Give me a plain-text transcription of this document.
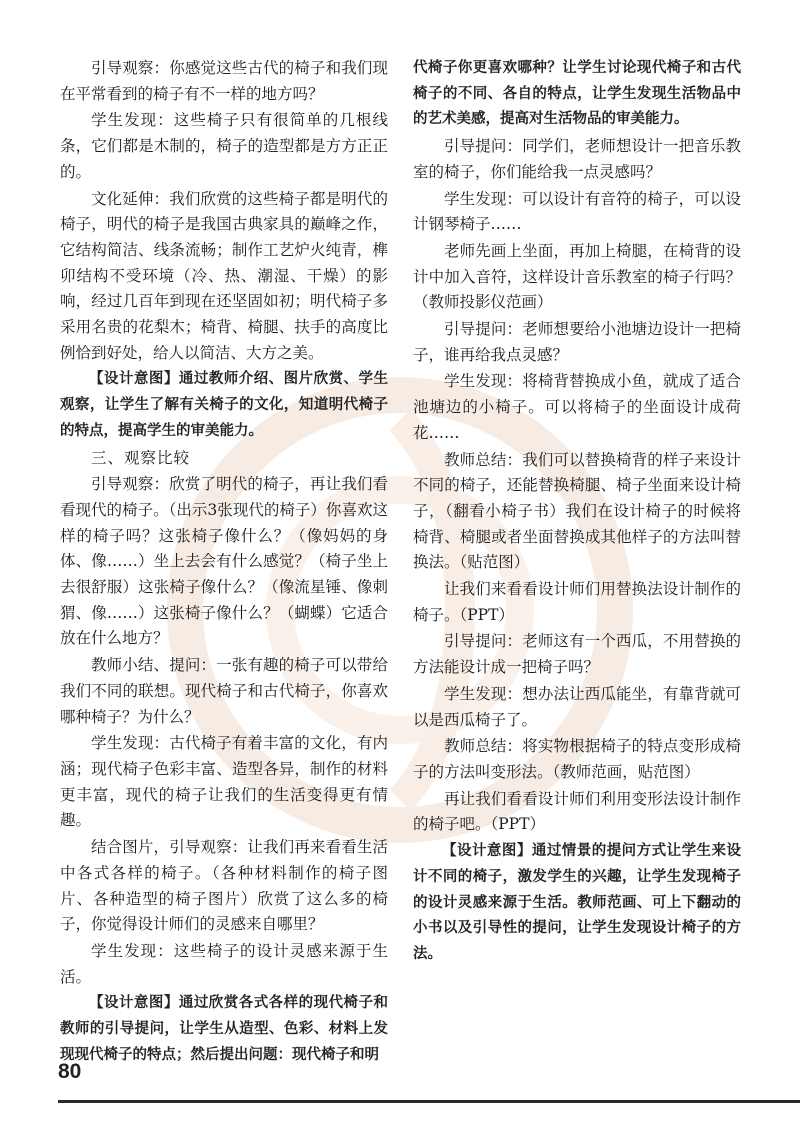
引导观察：你感觉这些古代的椅子和我们现在平常看到的椅子有不一样的地方吗？

学生发现：这些椅子只有很简单的几根线条，它们都是木制的，椅子的造型都是方方正正的。

文化延伸：我们欣赏的这些椅子都是明代的椅子，明代的椅子是我国古典家具的巅峰之作，它结构简洁、线条流畅；制作工艺炉火纯青，榫卯结构不受环境（冷、热、潮湿、干燥）的影响，经过几百年到现在还坚固如初；明代椅子多采用名贵的花梨木；椅背、椅腿、扶手的高度比例恰到好处，给人以简洁、大方之美。

【设计意图】通过教师介绍、图片欣赏、学生观察，让学生了解有关椅子的文化，知道明代椅子的特点，提高学生的审美能力。

三、观察比较

引导观察：欣赏了明代的椅子，再让我们看看现代的椅子。（出示3张现代的椅子）你喜欢这样的椅子吗？这张椅子像什么？（像妈妈的身体、像……）坐上去会有什么感觉？（椅子坐上去很舒服）这张椅子像什么？（像流星锤、像刺猬、像……）这张椅子像什么？（蝴蝶）它适合放在什么地方？

教师小结、提问：一张有趣的椅子可以带给我们不同的联想。现代椅子和古代椅子，你喜欢哪种椅子？为什么？

学生发现：古代椅子有着丰富的文化，有内涵；现代椅子色彩丰富、造型各异，制作的材料更丰富，现代的椅子让我们的生活变得更有情趣。

结合图片，引导观察：让我们再来看看生活中各式各样的椅子。（各种材料制作的椅子图片、各种造型的椅子图片）欣赏了这么多的椅子，你觉得设计师们的灵感来自哪里？

学生发现：这些椅子的设计灵感来源于生活。

【设计意图】通过欣赏各式各样的现代椅子和教师的引导提问，让学生从造型、色彩、材料上发现现代椅子的特点；然后提出问题：现代椅子和明

代椅子你更喜欢哪种？让学生讨论现代椅子和古代椅子的不同、各自的特点，让学生发现生活物品中的艺术美感，提高对生活物品的审美能力。

引导提问：同学们，老师想设计一把音乐教室的椅子，你们能给我一点灵感吗？

学生发现：可以设计有音符的椅子，可以设计钢琴椅子……

老师先画上坐面，再加上椅腿，在椅背的设计中加入音符，这样设计音乐教室的椅子行吗？（教师投影仪范画）

引导提问：老师想要给小池塘边设计一把椅子，谁再给我点灵感？

学生发现：将椅背替换成小鱼，就成了适合池塘边的小椅子。可以将椅子的坐面设计成荷花……

教师总结：我们可以替换椅背的样子来设计不同的椅子，还能替换椅腿、椅子坐面来设计椅子，（翻看小椅子书）我们在设计椅子的时候将椅背、椅腿或者坐面替换成其他样子的方法叫替换法。（贴范图）

让我们来看看设计师们用替换法设计制作的椅子。（PPT）

引导提问：老师这有一个西瓜，不用替换的方法能设计成一把椅子吗？

学生发现：想办法让西瓜能坐，有靠背就可以是西瓜椅子了。

教师总结：将实物根据椅子的特点变形成椅子的方法叫变形法。（教师范画，贴范图）

再让我们看看设计师们利用变形法设计制作的椅子吧。（PPT）

【设计意图】通过情景的提问方式让学生来设计不同的椅子，激发学生的兴趣，让学生发现椅子的设计灵感来源于生活。教师范画、可上下翻动的小书以及引导性的提问，让学生发现设计椅子的方法。

80
